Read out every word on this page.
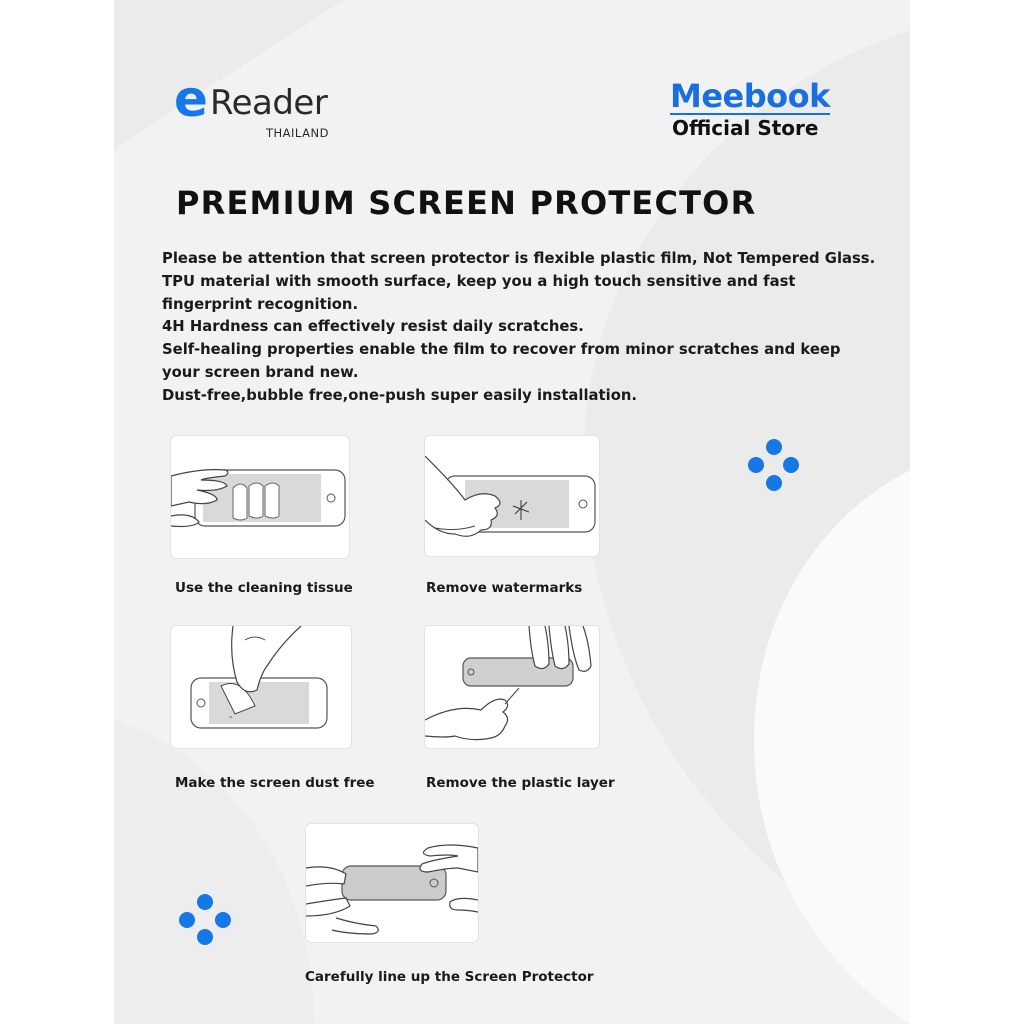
e Reader
THAILAND
Meebook
Official Store
PREMIUM SCREEN PROTECTOR

Please be attention that screen protector is flexible plastic film, Not Tempered Glass.

TPU material with smooth surface, keep you a high touch sensitive and fast fingerprint recognition.

4H Hardness can effectively resist daily scratches.

Self-healing properties enable the film to recover from minor scratches and keep your screen brand new.

Dust-free,bubble free,one-push super easily installation.

Use the cleaning tissue	Remove watermarks
-
Make the screen dust free	Remove the plastic layer
Carefully line up the Screen Protector
